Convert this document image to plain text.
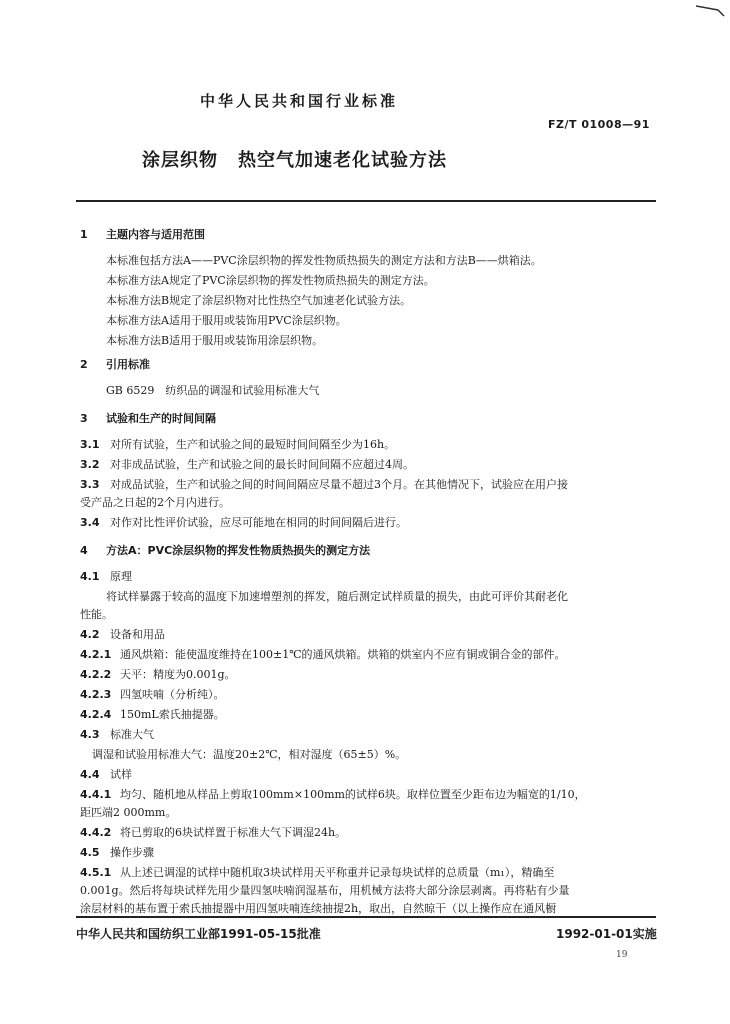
中华人民共和国行业标准
FZ/T 01008—91
涂层织物 热空气加速老化试验方法
1 主题内容与适用范围
本标准包括方法A——PVC涂层织物的挥发性物质热损失的测定方法和方法B——烘箱法。
本标准方法A规定了PVC涂层织物的挥发性物质热损失的测定方法。
本标准方法B规定了涂层织物对比性热空气加速老化试验方法。
本标准方法A适用于服用或装饰用PVC涂层织物。
本标准方法B适用于服用或装饰用涂层织物。
2 引用标准
GB 6529　纺织品的调湿和试验用标准大气
3 试验和生产的时间间隔
3.1 对所有试验，生产和试验之间的最短时间间隔至少为16h。
3.2 对非成品试验，生产和试验之间的最长时间间隔不应超过4周。
3.3 对成品试验，生产和试验之间的时间间隔应尽量不超过3个月。在其他情况下，试验应在用户接
受产品之日起的2个月内进行。
3.4 对作对比性评价试验，应尽可能地在相同的时间间隔后进行。
4 方法A：PVC涂层织物的挥发性物质热损失的测定方法
4.1 原理
将试样暴露于较高的温度下加速增塑剂的挥发，随后测定试样质量的损失，由此可评价其耐老化
性能。
4.2 设备和用品
4.2.1 通风烘箱：能使温度维持在100±1℃的通风烘箱。烘箱的烘室内不应有铜或铜合金的部件。
4.2.2 天平：精度为0.001g。
4.2.3 四氢呋喃（分析纯）。
4.2.4 150mL索氏抽提器。
4.3 标准大气
调湿和试验用标准大气：温度20±2℃，相对湿度（65±5）%。
4.4 试样
4.4.1 均匀、随机地从样品上剪取100mm×100mm的试样6块。取样位置至少距布边为幅宽的1/10，
距匹端2 000mm。
4.4.2 将已剪取的6块试样置于标准大气下调湿24h。
4.5 操作步骤
4.5.1 从上述已调湿的试样中随机取3块试样用天平称重并记录每块试样的总质量（m₁），精确至
0.001g。然后将每块试样先用少量四氢呋喃润湿基布，用机械方法将大部分涂层剥离。再将粘有少量
涂层材料的基布置于索氏抽提器中用四氢呋喃连续抽提2h，取出，自然晾干（以上操作应在通风橱
中华人民共和国纺织工业部1991-05-15批准	1992-01-01实施
19
